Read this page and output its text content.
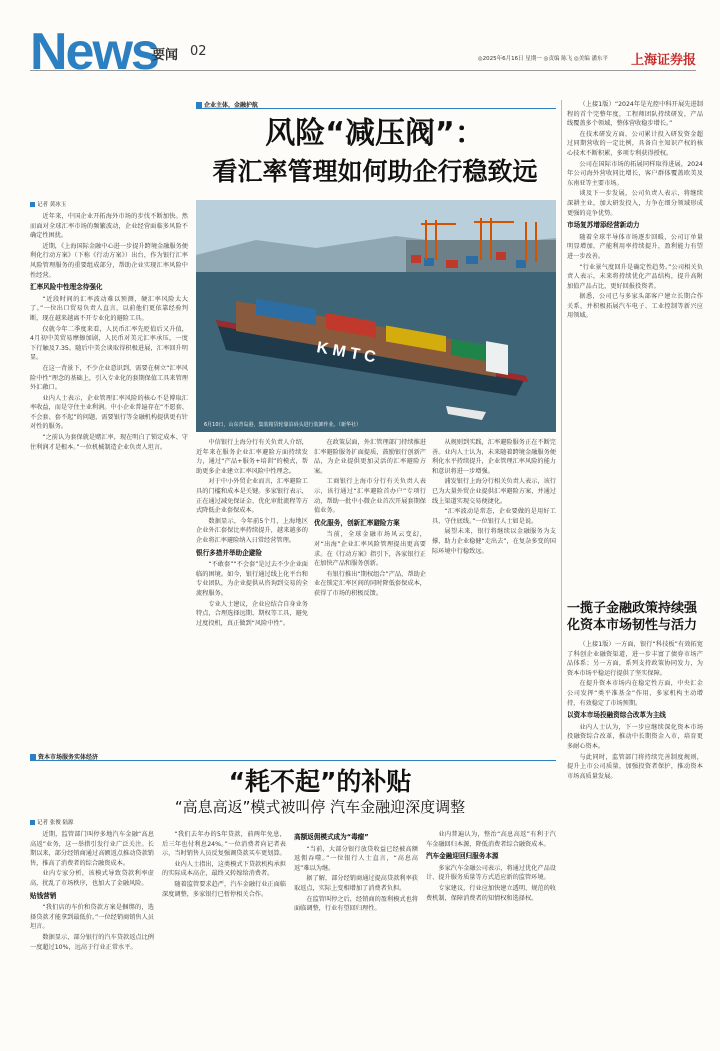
News
要闻 02	◎2025年6月16日 星期一 ◎责编 陈飞 ◎美编 潘东平 上海证券报
企业主体，金融护航
风险“减压阀”：
看汇率管理如何助企行稳致远
K M T C
6月10日，山东青岛港，集装箱货轮靠泊码头进行装卸作业。（新华社）
记者 黄冰玉

近年来，中国企业开拓海外市场的步伐不断加快。然而面对全球汇率市场的频繁波动，企业经营面临多风险不确定性困扰。

近期，《上海国际金融中心进一步提升跨境金融服务便利化行动方案》（下称《行动方案》）出台，作为银行汇率风险管理服务的重要组成部分，帮助企业实现汇率风险中性经营。

汇率风险中性理念待强化

“近段时间的汇率波动难以预测，硬汇率风险太大了。”一位出口贸易负责人直言，以前他们更依靠经验判断，现在越来越离不开专业化的避险工具。

仅就今年二季度来看，人民币汇率先贬值后又升值，4月初中美贸易摩擦加剧，人民币对美元汇率承压，一度下行触及7.35。随后中美会谈取得积极进展，汇率回升明显。

在这一背景下，不少企业意识到，需要在树立“汇率风险中性”理念的基础上，引入专业化的套期保值工具来管理外汇敞口。

业内人士表示，企业管理汇率风险的核心不是博取汇率收益，而是守住主业利润。中小企业普遍存在“不愿套、不会套、套不起”的问题，需要银行等金融机构提供更有针对性的服务。

“之前认为套保就是赌汇率，现在明白了锁定成本、守住利润才是根本。”一位机械制造企业负责人坦言。

中信银行上海分行有关负责人介绍，近年来在服务企业汇率避险方面持续发力，通过“产品+服务+培训”的模式，帮助更多企业建立汇率风险中性理念。

对于中小外贸企业而言，汇率避险工具的门槛和成本是关键。多家银行表示，正在通过减免保证金、优化审批流程等方式降低企业套保成本。

数据显示，今年前5个月，上海地区企业外汇套保比率持续提升，越来越多的企业将汇率避险纳入日常经营管理。

银行多措并举助企避险

“不敢套”“不会套”是过去不少企业面临的困境。如今，银行通过线上化平台和专业团队，为企业提供从咨询到交易的全流程服务。

专业人士建议，企业应结合自身业务特点，合理选择远期、期权等工具，避免过度投机，真正做到“风险中性”。

在政策层面，外汇管理部门持续推进汇率避险服务扩面提质，鼓励银行创新产品，为企业提供更加灵活的汇率避险方案。

工商银行上海市分行有关负责人表示，该行通过“汇率避险首办户”专项行动，帮助一批中小微企业首次开展套期保值业务。

优化服务，创新汇率避险方案

当前，全球金融市场风云变幻，对“出海”企业汇率风险管理提出更高要求。在《行动方案》指引下，各家银行正在加快产品和服务创新。

有银行推出“期权组合”产品，帮助企业在锁定汇率区间的同时降低套保成本，获得了市场的积极反馈。

从规则到实践，汇率避险服务正在不断完善。业内人士认为，未来随着跨境金融服务便利化水平持续提升，企业管理汇率风险的能力和意识将进一步增强。

浦发银行上海分行相关负责人表示，该行已为大量外贸企业提供汇率避险方案，并通过线上渠道实现交易便捷化。

“汇率波动是常态，企业要做的是用好工具、守住底线。”一位银行人士如是说。

展望未来，银行将继续以金融服务为支撑，助力企业稳健“走出去”，在复杂多变的国际环境中行稳致远。

（上接1版）“2024年是光控中科开展先进制程的首个完整年度，工程师团队持续研发，产品线覆盖多个领域，整体营收稳步增长。”

在技术研发方面，公司累计投入研发资金超过同期营收的一定比例，具备自主知识产权的核心技术不断积累，多项专利获得授权。

公司在国际市场的拓展同样取得进展，2024年公司海外营收同比增长，客户群体覆盖欧美及东南亚等主要市场。

谈及下一步发展，公司负责人表示，将继续深耕主业，加大研发投入，力争在细分领域形成更强的竞争优势。

市场复苏增添经营新动力

随着全球半导体市场逐步回暖，公司订单量明显增加，产能利用率持续提升，盈利能力有望进一步改善。

“行业景气度回升是确定性趋势。”公司相关负责人表示，未来将持续优化产品结构，提升高附加值产品占比，更好回报投资者。

据悉，公司已与多家头部客户建立长期合作关系，并积极拓展汽车电子、工业控制等新兴应用领域。

一揽子金融政策持续强化资本市场韧性与活力

（上接1版）一方面，银行“科技板”有效拓宽了科创企业融资渠道，进一步丰富了债券市场产品体系；另一方面，系列支持政策协同发力，为资本市场平稳运行提供了坚实保障。

在提升资本市场内在稳定性方面，中央汇金公司发挥“类平准基金”作用，多家机构主动增持，有效稳定了市场预期。

以资本市场投融资综合改革为主线

业内人士认为，下一步应继续深化资本市场投融资综合改革，推动中长期资金入市，培育更多耐心资本。

与此同时，监管部门将持续完善制度规则，提升上市公司质量，加强投资者保护，推动资本市场高质量发展。

资本市场服务实体经济
“耗不起”的补贴
“高息高返”模式被叫停 汽车金融迎深度调整
记者 张俊 陆源

近期，监管部门叫停多地汽车金融“高息高返”业务，这一举措引发行业广泛关注。长期以来，部分经销商通过高额返点推动贷款销售，推高了消费者的综合融资成本。

业内专家分析，该模式导致贷款利率虚高，扰乱了市场秩序，也加大了金融风险。

贴钱营销

“我们店的车价和贷款方案是捆绑的，选择贷款才能拿到最低价。”一位经销商销售人员坦言。

数据显示，部分银行的汽车贷款返点比例一度超过10%，远高于行业正常水平。

“我们去年办的5年贷款，前两年免息，后三年也付利息24%。”一位消费者向记者表示，当时销售人员反复强调贷款买车更划算。

业内人士指出，这类模式下贷款机构承担的实际成本高企，最终又转嫁给消费者。

随着监管要求趋严，汽车金融行业正面临深度调整，多家银行已暂停相关合作。

高额返佣模式成为“毒瘤”

“当前，大部分银行放贷收益已经被高额返佣吞噬。”一位银行人士直言，“高息高返”难以为继。

据了解，部分经销商通过提高贷款利率获取返点，实际上变相增加了消费者负担。

在监管叫停之后，经销商的盈利模式也将面临调整，行业有望回归理性。

业内普遍认为，整治“高息高返”有利于汽车金融回归本源，降低消费者综合融资成本。

汽车金融迎回归服务本源

多家汽车金融公司表示，将通过优化产品设计、提升服务质量等方式适应新的监管环境。

专家建议，行业应加快建立透明、规范的收费机制，保障消费者的知情权和选择权。
